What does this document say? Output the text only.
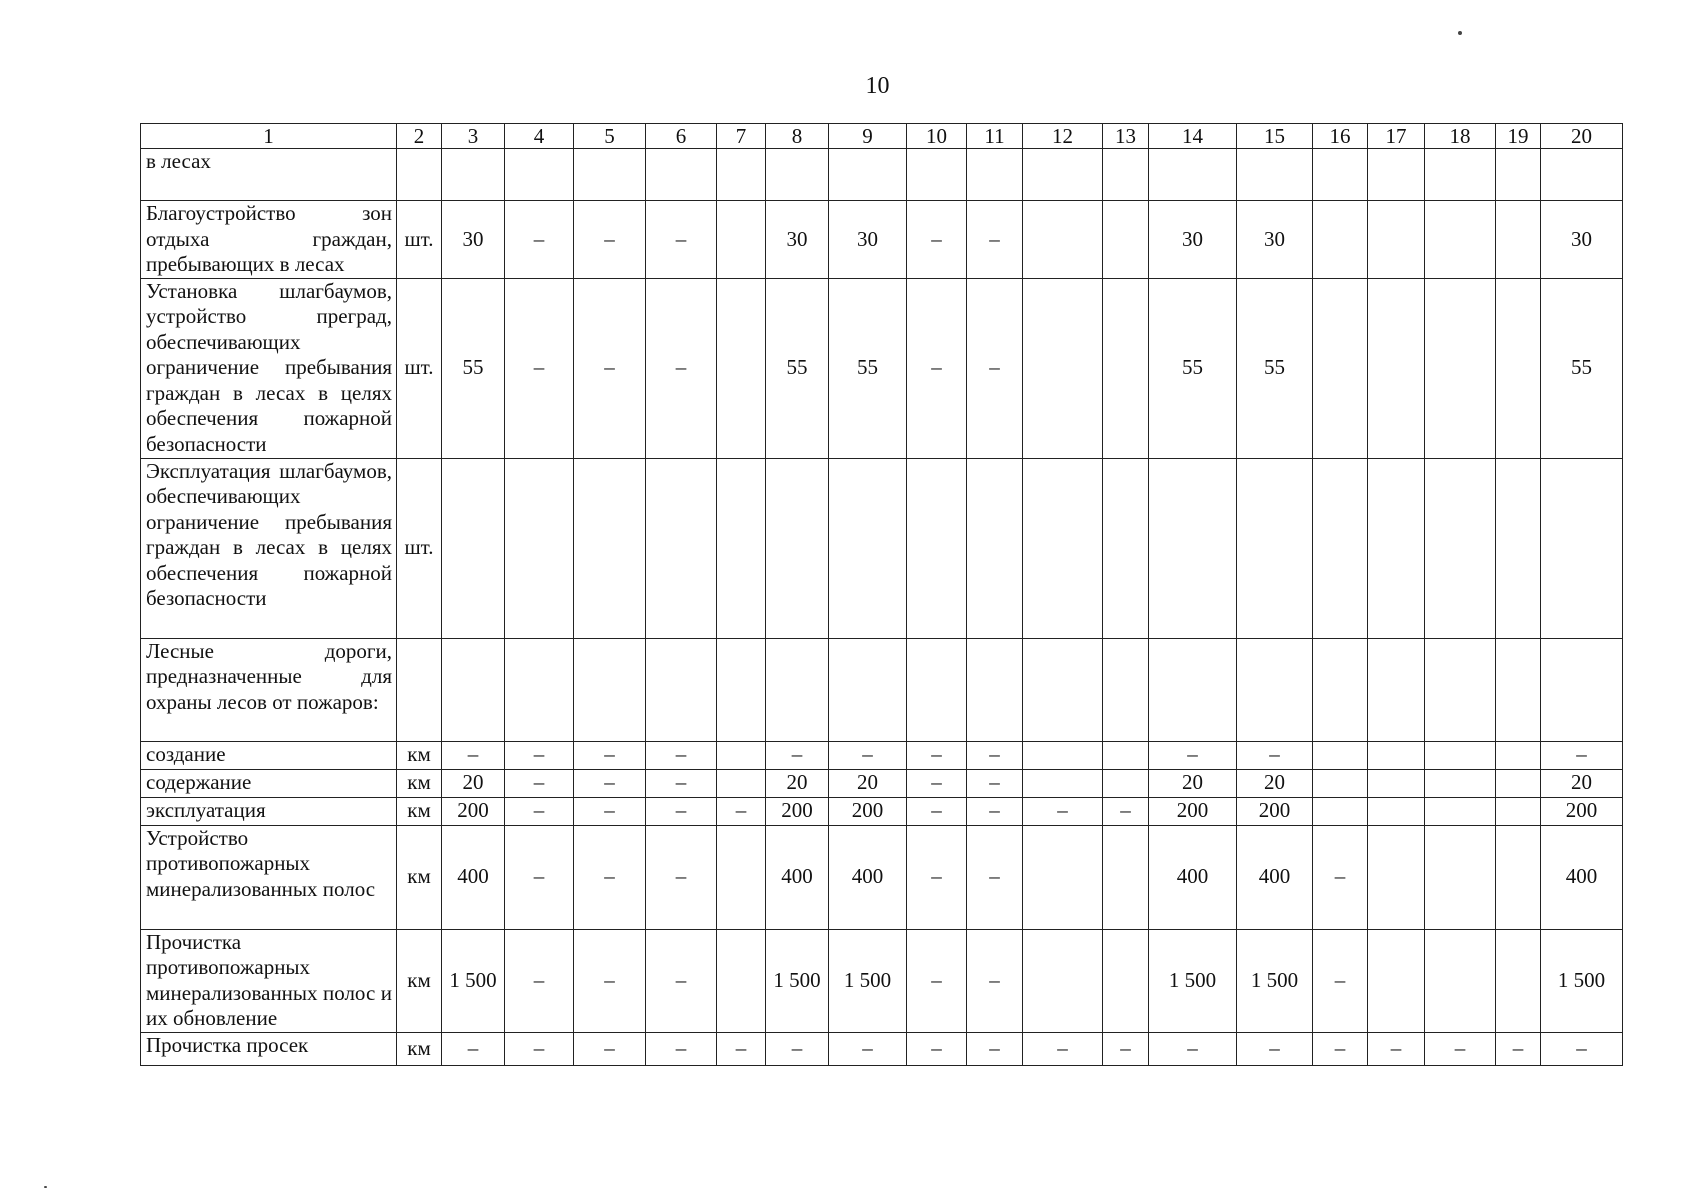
10
1	2	3	4	5	6	7	8	9	10	11	12	13	14	15	16	17	18	19	20
в лесах																			
Благоустройство зон отдыха граждан, пребывающих в лесах	шт.	30	–	–	–		30	30	–	–			30	30					30
Установка шлагбаумов, устройство преград, обеспечивающих ограничение пребывания граждан в лесах в целях обеспечения пожарной безопасности	шт.	55	–	–	–		55	55	–	–			55	55					55
Эксплуатация шлагбаумов, обеспечивающих ограничение пребывания граждан в лесах в целях обеспечения пожарной безопасности	шт.																		
Лесные дороги, предназначенные для охраны лесов от пожаров:																			
создание	км	–	–	–	–		–	–	–	–			–	–					–
содержание	км	20	–	–	–		20	20	–	–			20	20					20
эксплуатация	км	200	–	–	–	–	200	200	–	–	–	–	200	200					200
Устройство противопожарных минерализованных полос	км	400	–	–	–		400	400	–	–			400	400	–				400
Прочистка противопожарных минерализованных полос и их обновление	км	1 500	–	–	–		1 500	1 500	–	–			1 500	1 500	–				1 500
Прочистка просек	км	–	–	–	–	–	–	–	–	–	–	–	–	–	–	–	–	–	–
